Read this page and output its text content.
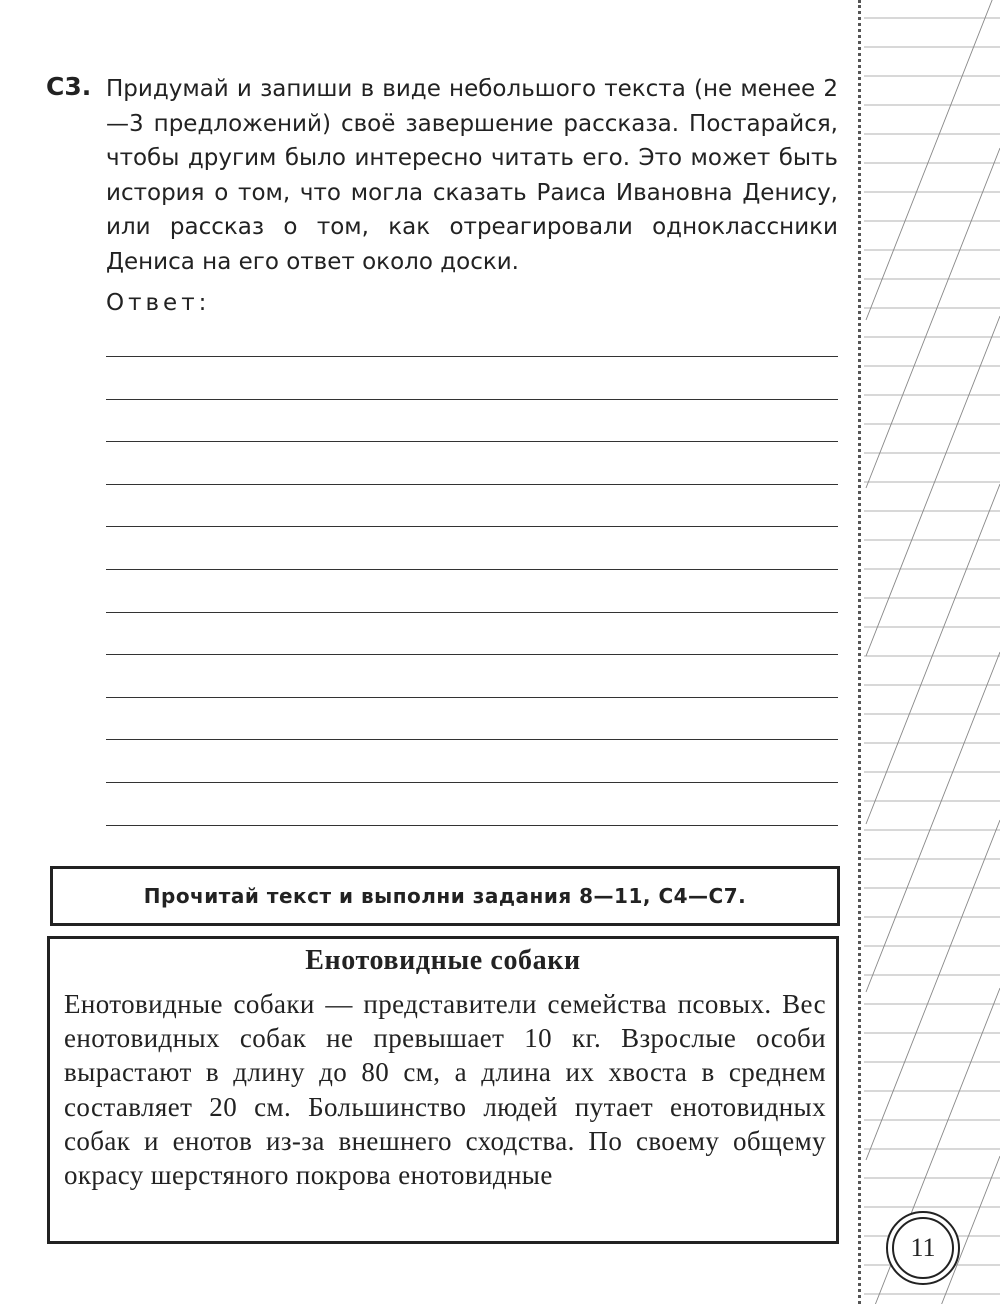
С3. Придумай и запиши в виде небольшого текста (не менее 2—3 предложений) своё завершение рассказа. Постарайся, чтобы другим было интересно читать его. Это может быть история о том, что могла сказать Раиса Ивановна Денису, или рассказ о том, как отреагировали одноклассники Дениса на его ответ около доски.
Ответ:
Прочитай текст и выполни задания 8—11, С4—С7.
Енотовидные собаки
Енотовидные собаки — представители семейства псовых. Вес енотовидных собак не превышает 10 кг. Взрослые особи вырастают в длину до 80 см, а длина их хвоста в среднем составляет 20 см. Большинство людей путает енотовидных собак и енотов из-за внешнего сходства. По своему общему окрасу шерстяного покрова енотовидные
11
